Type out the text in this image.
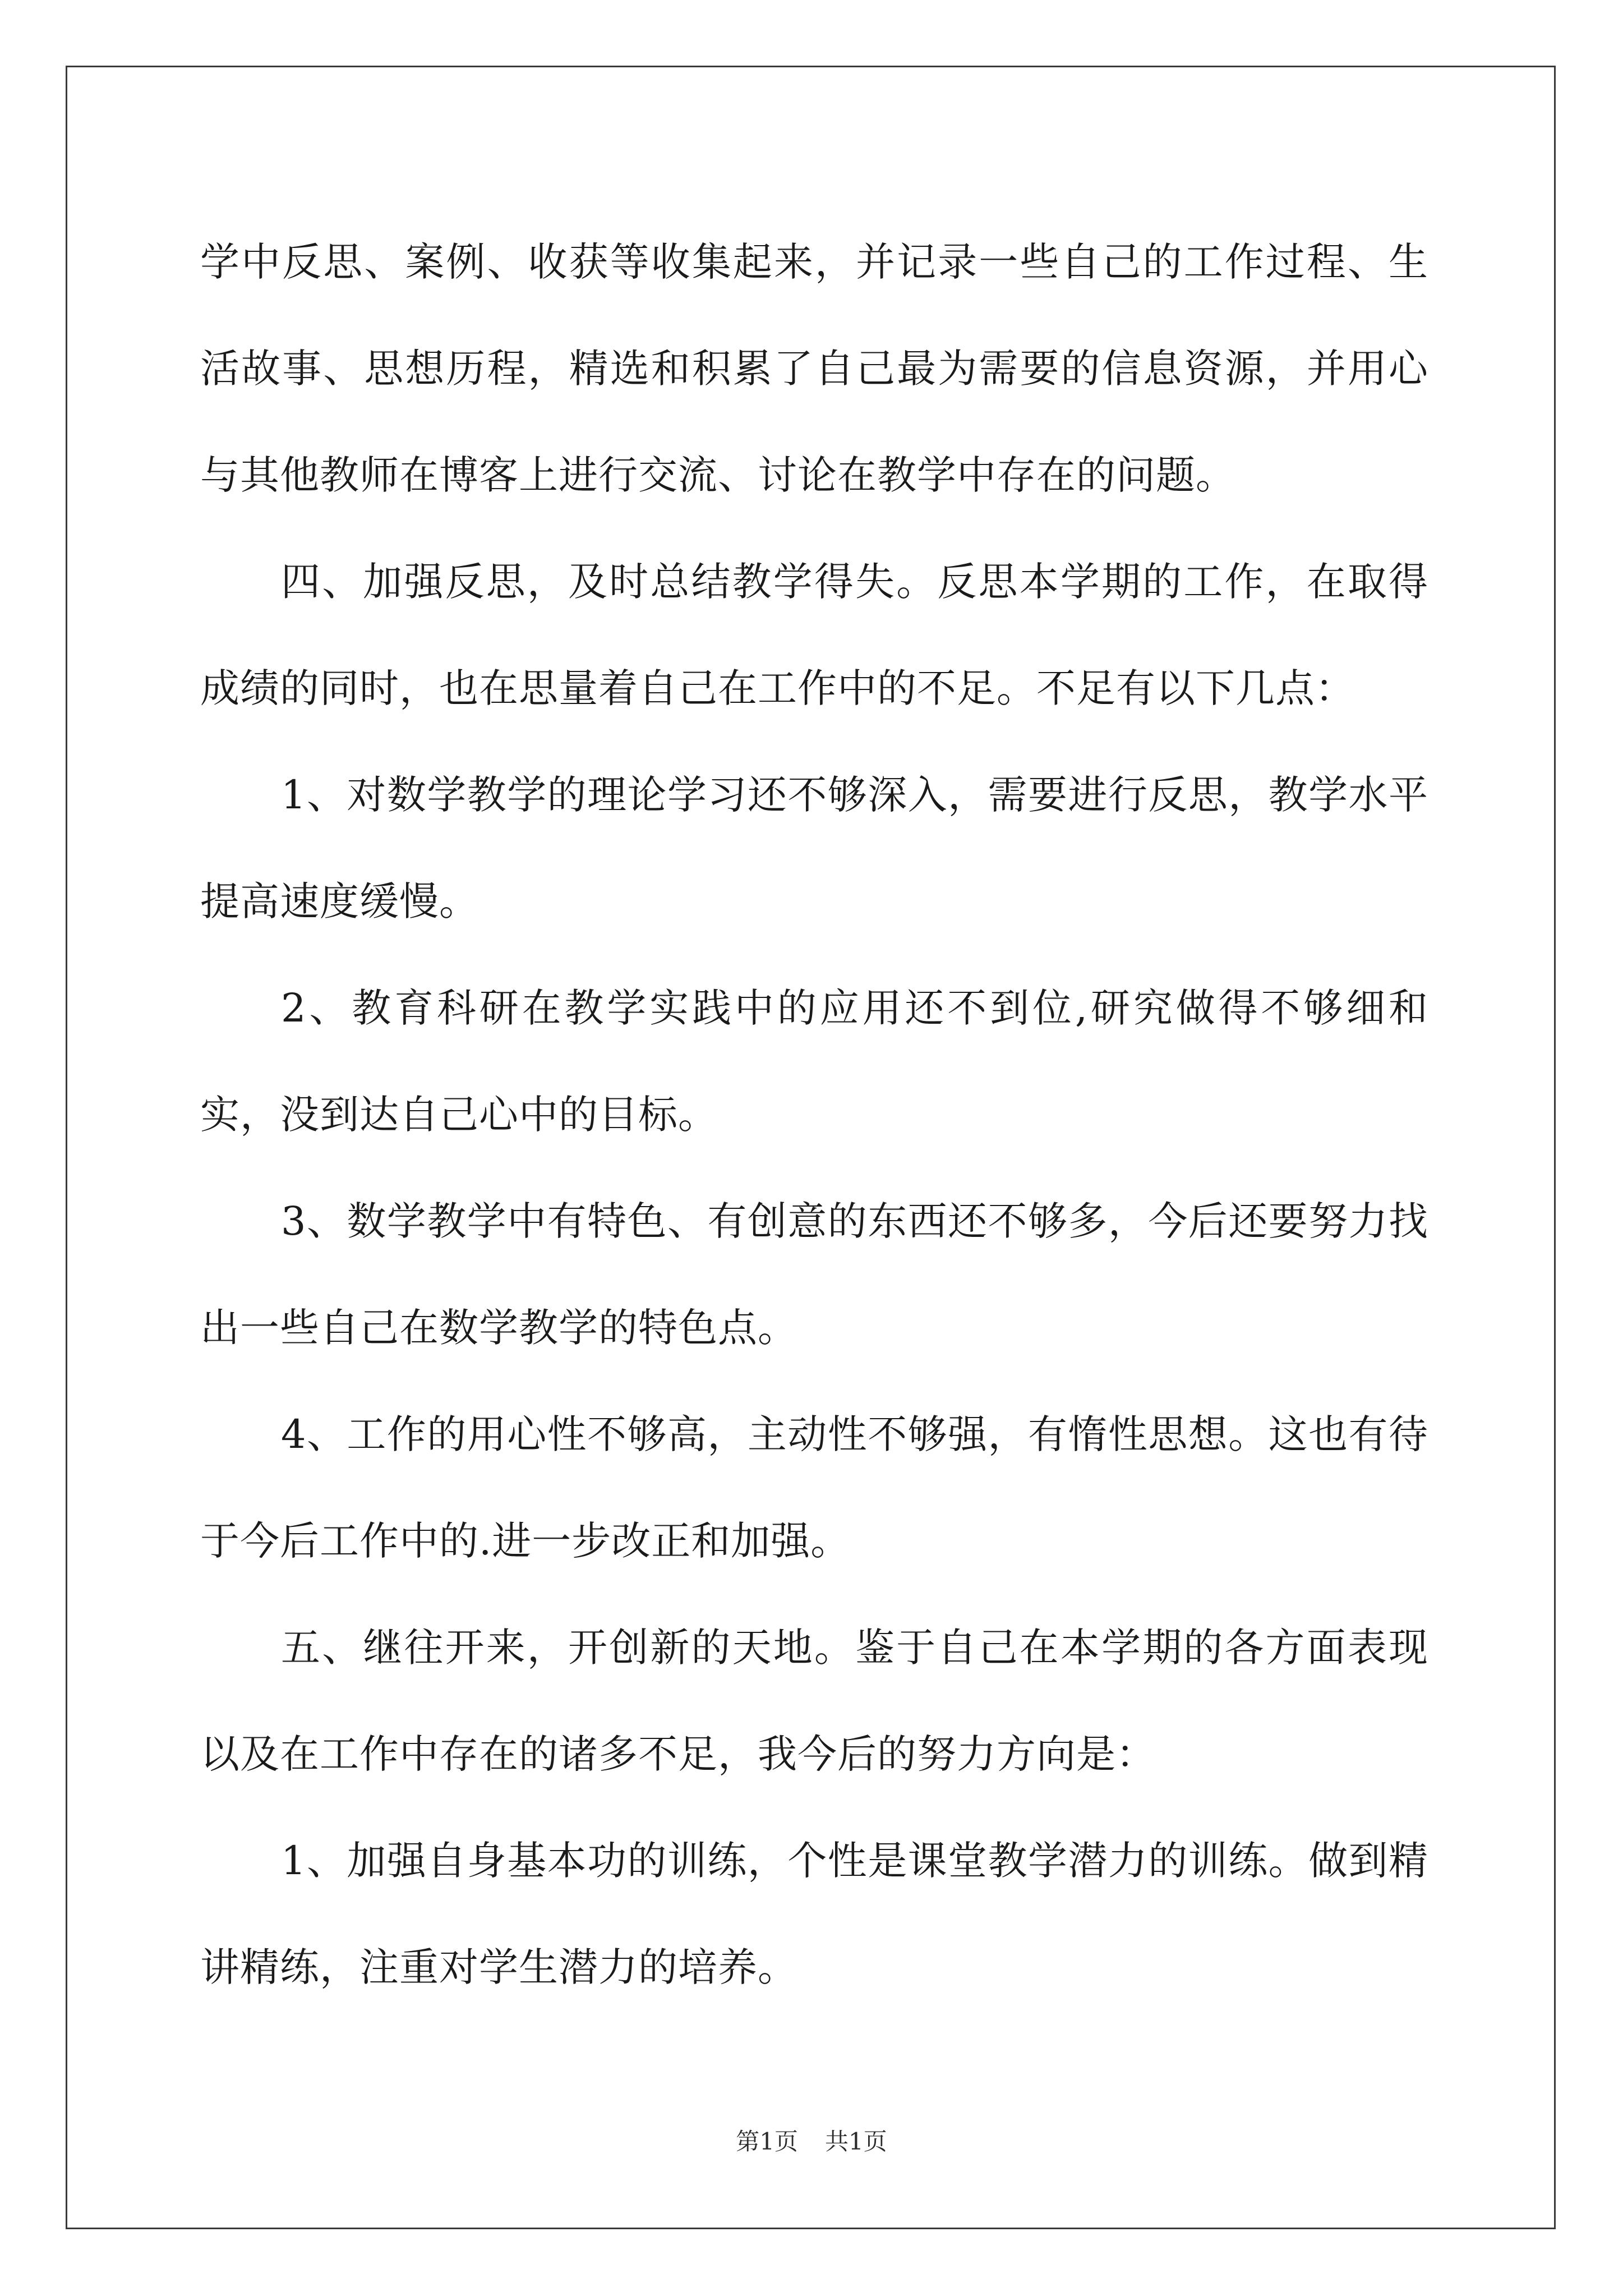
学中反思、案例、收获等收集起来，并记录一些自己的工作过程、生活故事、思想历程，精选和积累了自己最为需要的信息资源，并用心与其他教师在博客上进行交流、讨论在教学中存在的问题。

四、加强反思，及时总结教学得失。反思本学期的工作，在取得成绩的同时，也在思量着自己在工作中的不足。不足有以下几点：

1、对数学教学的理论学习还不够深入，需要进行反思，教学水平提高速度缓慢。

2、教育科研在教学实践中的应用还不到位,研究做得不够细和实，没到达自己心中的目标。

3、数学教学中有特色、有创意的东西还不够多，今后还要努力找出一些自己在数学教学的特色点。

4、工作的用心性不够高，主动性不够强，有惰性思想。这也有待于今后工作中的.进一步改正和加强。

五、继往开来，开创新的天地。鉴于自己在本学期的各方面表现以及在工作中存在的诸多不足，我今后的努力方向是：

1、加强自身基本功的训练，个性是课堂教学潜力的训练。做到精讲精练，注重对学生潜力的培养。

第1页 共1页
